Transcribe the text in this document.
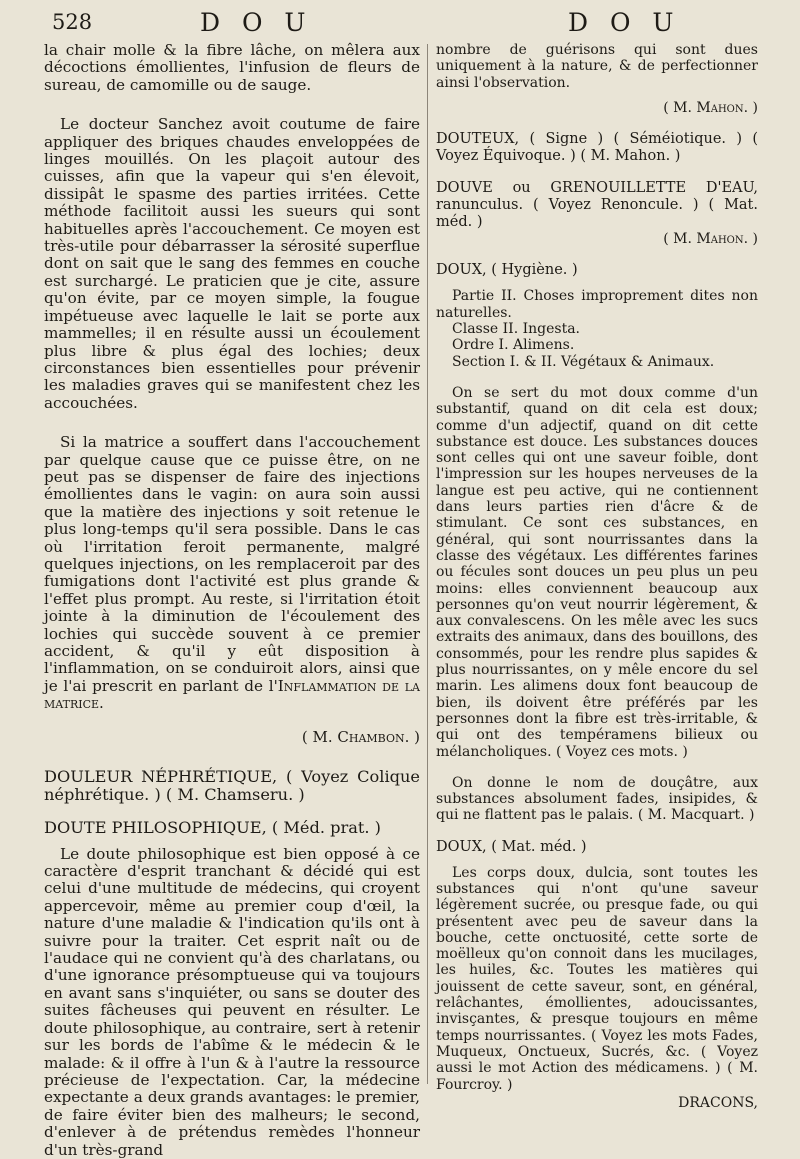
528	D O U	D O U

la chair molle & la fibre lâche, on mêlera aux décoctions émollientes, l'infusion de fleurs de sureau, de camomille ou de sauge.

Le docteur Sanchez avoit coutume de faire appliquer des briques chaudes enveloppées de linges mouillés. On les plaçoit autour des cuisses, afin que la vapeur qui s'en élevoit, dissipât le spasme des parties irritées. Cette méthode facilitoit aussi les sueurs qui sont habituelles après l'accouchement. Ce moyen est très-utile pour débarrasser la sérosité superflue dont on sait que le sang des femmes en couche est surchargé. Le praticien que je cite, assure qu'on évite, par ce moyen simple, la fougue impétueuse avec laquelle le lait se porte aux mammelles; il en résulte aussi un écoulement plus libre & plus égal des lochies; deux circonstances bien essentielles pour prévenir les maladies graves qui se manifestent chez les accouchées.

Si la matrice a souffert dans l'accouchement par quelque cause que ce puisse être, on ne peut pas se dispenser de faire des injections émollientes dans le vagin: on aura soin aussi que la matière des injections y soit retenue le plus long-temps qu'il sera possible. Dans le cas où l'irritation feroit permanente, malgré quelques injections, on les remplaceroit par des fumigations dont l'activité est plus grande & l'effet plus prompt. Au reste, si l'irritation étoit jointe à la diminution de l'écoulement des lochies qui succède souvent à ce premier accident, & qu'il y eût disposition à l'inflammation, on se conduiroit alors, ainsi que je l'ai prescrit en parlant de l'Inflammation de la matrice.

( M. Chambon. )

DOULEUR NÉPHRÉTIQUE, ( Voyez Colique néphrétique. ) ( M. Chamseru. )

DOUTE PHILOSOPHIQUE, ( Méd. prat. )

Le doute philosophique est bien opposé à ce caractère d'esprit tranchant & décidé qui est celui d'une multitude de médecins, qui croyent appercevoir, même au premier coup d'œil, la nature d'une maladie & l'indication qu'ils ont à suivre pour la traiter. Cet esprit naît ou de l'audace qui ne convient qu'à des charlatans, ou d'une ignorance présomptueuse qui va toujours en avant sans s'inquiéter, ou sans se douter des suites fâcheuses qui peuvent en résulter. Le doute philosophique, au contraire, sert à retenir sur les bords de l'abîme & le médecin & le malade: & il offre à l'un & à l'autre la ressource précieuse de l'expectation. Car, la médecine expectante a deux grands avantages: le premier, de faire éviter bien des malheurs; le second, d'enlever à de prétendus remèdes l'honneur d'un très-grand

nombre de guérisons qui sont dues uniquement à la nature, & de perfectionner ainsi l'observation.

( M. Mahon. )

DOUTEUX, ( Signe ) ( Séméiotique. ) ( Voyez Équivoque. ) ( M. Mahon. )

DOUVE ou GRENOUILLETTE D'EAU, ranunculus. ( Voyez Renoncule. ) ( Mat. méd. )

( M. Mahon. )

DOUX, ( Hygiène. )

Partie II. Choses improprement dites non naturelles.

Classe II. Ingesta.

Ordre I. Alimens.

Section I. & II. Végétaux & Animaux.

On se sert du mot doux comme d'un substantif, quand on dit cela est doux; comme d'un adjectif, quand on dit cette substance est douce. Les substances douces sont celles qui ont une saveur foible, dont l'impression sur les houpes nerveuses de la langue est peu active, qui ne contiennent dans leurs parties rien d'âcre & de stimulant. Ce sont ces substances, en général, qui sont nourrissantes dans la classe des végétaux. Les différentes farines ou fécules sont douces un peu plus un peu moins: elles conviennent beaucoup aux personnes qu'on veut nourrir légèrement, & aux convalescens. On les mêle avec les sucs extraits des animaux, dans des bouillons, des consommés, pour les rendre plus sapides & plus nourrissantes, on y mêle encore du sel marin. Les alimens doux font beaucoup de bien, ils doivent être préférés par les personnes dont la fibre est très-irritable, & qui ont des tempéramens bilieux ou mélancholiques. ( Voyez ces mots. )

On donne le nom de douçâtre, aux substances absolument fades, insipides, & qui ne flattent pas le palais. ( M. Macquart. )

DOUX, ( Mat. méd. )

Les corps doux, dulcia, sont toutes les substances qui n'ont qu'une saveur légèrement sucrée, ou presque fade, ou qui présentent avec peu de saveur dans la bouche, cette onctuosité, cette sorte de moëlleux qu'on connoit dans les mucilages, les huiles, &c. Toutes les matières qui jouissent de cette saveur, sont, en général, relâchantes, émollientes, adoucissantes, invisçantes, & presque toujours en même temps nourrissantes. ( Voyez les mots Fades, Muqueux, Onctueux, Sucrés, &c. ( Voyez aussi le mot Action des médicamens. ) ( M. Fourcroy. )

DRACONS,
